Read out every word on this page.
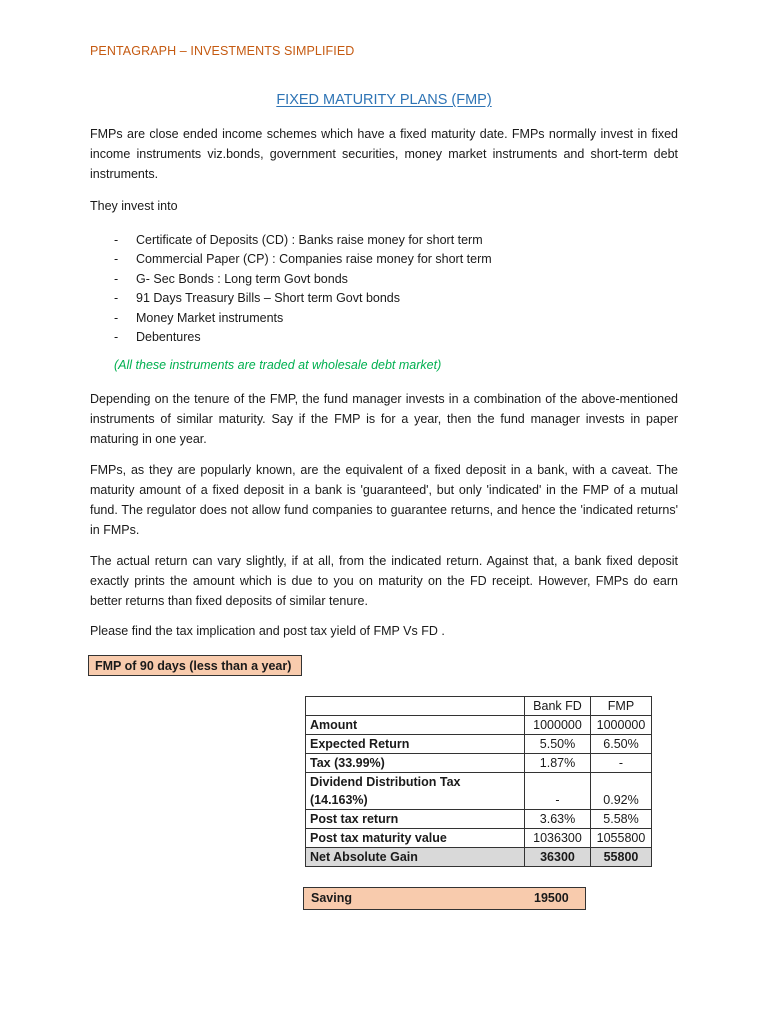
PENTAGRAPH – INVESTMENTS SIMPLIFIED
FIXED MATURITY PLANS (FMP)

FMPs are close ended income schemes which have a fixed maturity date. FMPs normally invest in fixed income instruments viz.bonds, government securities, money market instruments and short-term debt instruments.

They invest into

-	Certificate of Deposits (CD) : Banks raise money for short term
-	Commercial Paper (CP) : Companies raise money for short term
-	G- Sec Bonds : Long term Govt bonds
-	91 Days Treasury Bills – Short term Govt bonds
-	Money Market instruments
-	Debentures
(All these instruments are traded at wholesale debt market)

Depending on the tenure of the FMP, the fund manager invests in a combination of the above-mentioned instruments of similar maturity. Say if the FMP is for a year, then the fund manager invests in paper maturing in one year.

FMPs, as they are popularly known, are the equivalent of a fixed deposit in a bank, with a caveat. The maturity amount of a fixed deposit in a bank is 'guaranteed', but only 'indicated' in the FMP of a mutual fund. The regulator does not allow fund companies to guarantee returns, and hence the 'indicated returns' in FMPs.

The actual return can vary slightly, if at all, from the indicated return. Against that, a bank fixed deposit exactly prints the amount which is due to you on maturity on the FD receipt. However, FMPs do earn better returns than fixed deposits of similar tenure.

Please find the tax implication and post tax yield of FMP Vs FD .

FMP of 90 days (less than a year)
	Bank FD	FMP
Amount	1000000	1000000
Expected Return	5.50%	6.50%
Tax (33.99%)	1.87%	-

Dividend Distribution Tax
(14.163%)	-	0.92%
Post tax return	3.63%	5.58%
Post tax maturity value	1036300	1055800
Net Absolute Gain	36300	55800
Saving	19500
